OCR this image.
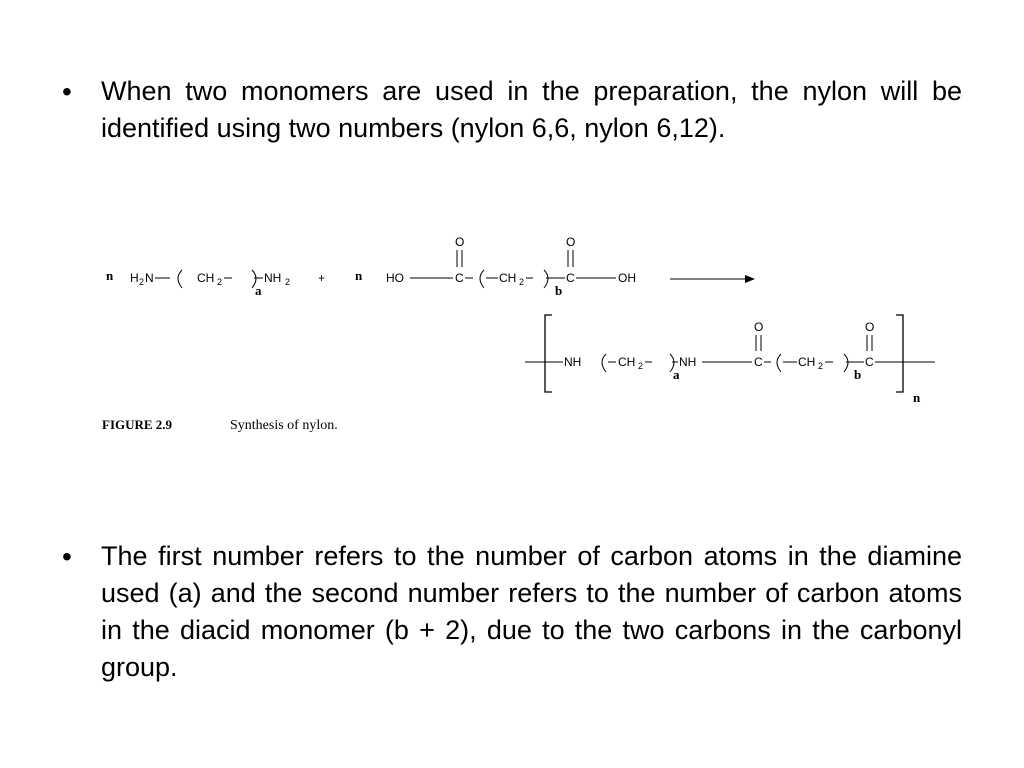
• When two monomers are used in the preparation, the nylon will be identified using two numbers (nylon 6,6, nylon 6,12).
n H 2 N	CH 2	NH 2
a
+ n HO
O
C	CH 2
b
O
C	OH
NH	CH 2
a
NH
O
C	CH 2
b
O
C
n
FIGURE 2.9	Synthesis of nylon.
• The first number refers to the number of carbon atoms in the diamine used (a) and the second number refers to the number of carbon atoms in the diacid monomer (b + 2), due to the two carbons in the carbonyl group.
